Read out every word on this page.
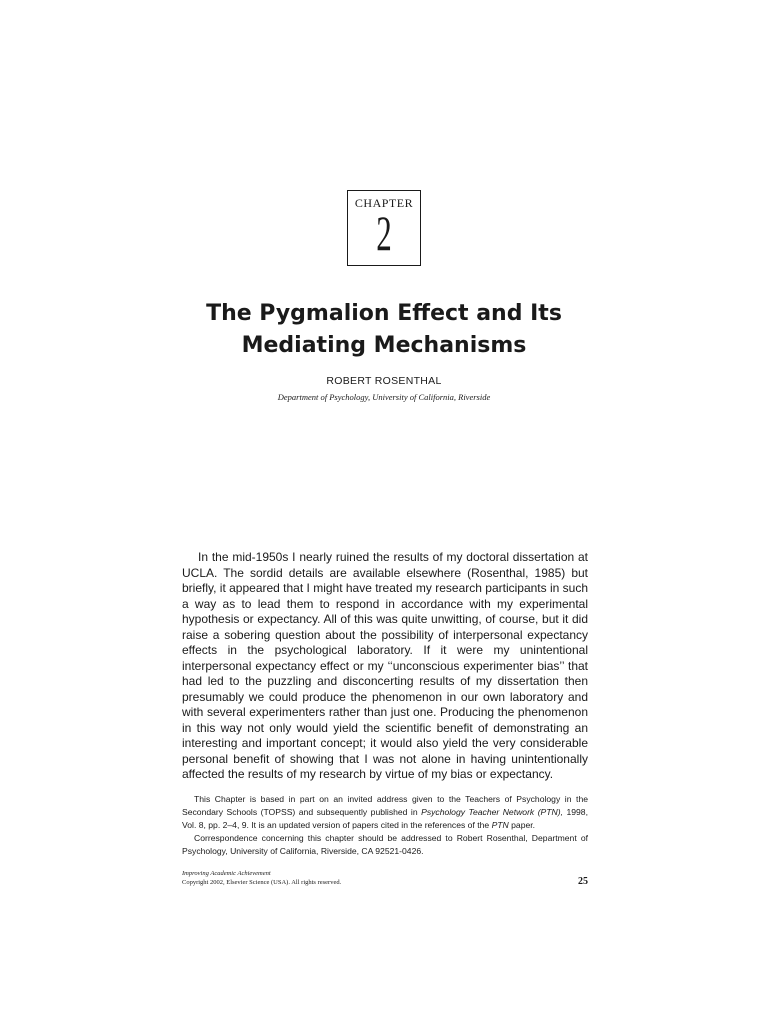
CHAPTER
2
The Pygmalion Effect and Its
Mediating Mechanisms
ROBERT ROSENTHAL
Department of Psychology, University of California, Riverside

In the mid-1950s I nearly ruined the results of my doctoral dissertation at UCLA. The sordid details are available elsewhere (Rosenthal, 1985) but briefly, it appeared that I might have treated my research participants in such a way as to lead them to respond in accordance with my experimental hypothesis or expectancy. All of this was quite unwitting, of course, but it did raise a sobering question about the possibility of interpersonal expectancy effects in the psychological laboratory. If it were my unintentional interpersonal expectancy effect or my ‘‘unconscious experimenter bias’’ that had led to the puzzling and disconcerting results of my dissertation then presumably we could produce the phenomenon in our own laboratory and with several experimenters rather than just one. Producing the phenomenon in this way not only would yield the scientific benefit of demonstrating an interesting and important concept; it would also yield the very considerable personal benefit of showing that I was not alone in having unintentionally affected the results of my research by virtue of my bias or expectancy.

This Chapter is based in part on an invited address given to the Teachers of Psychology in the Secondary Schools (TOPSS) and subsequently published in Psychology Teacher Network (PTN), 1998, Vol. 8, pp. 2–4, 9. It is an updated version of papers cited in the references of the PTN paper.

Correspondence concerning this chapter should be addressed to Robert Rosenthal, Department of Psychology, University of California, Riverside, CA 92521-0426.

Improving Academic Achievement
Copyright 2002, Elsevier Science (USA). All rights reserved.	25
